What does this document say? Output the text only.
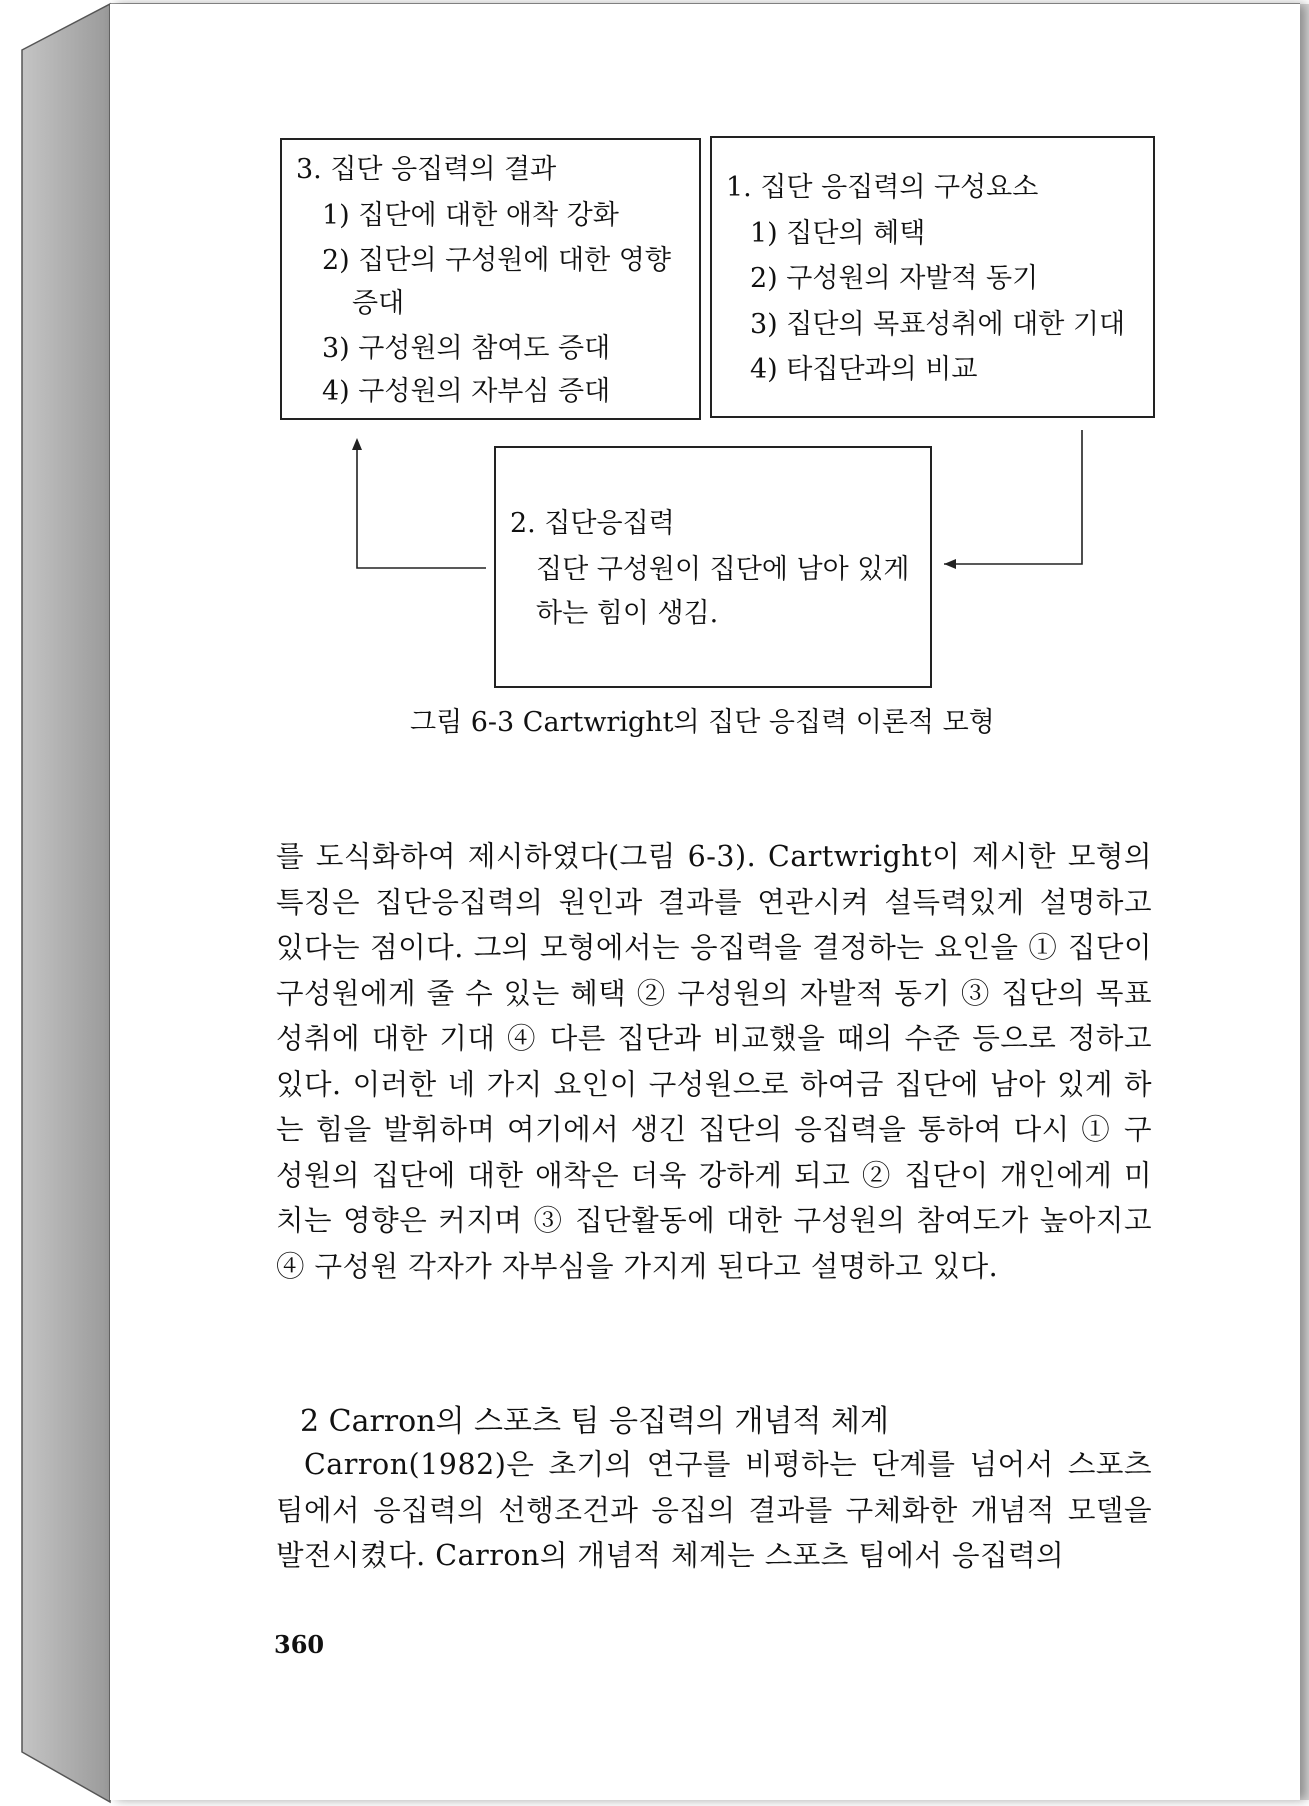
3. 집단 응집력의 결과
1) 집단에 대한 애착 강화
2) 집단의 구성원에 대한 영향
증대
3) 구성원의 참여도 증대
4) 구성원의 자부심 증대
1. 집단 응집력의 구성요소
1) 집단의 혜택
2) 구성원의 자발적 동기
3) 집단의 목표성취에 대한 기대
4) 타집단과의 비교
2. 집단응집력
집단 구성원이 집단에 남아 있게
하는 힘이 생김.
그림 6-3 Cartwright의 집단 응집력 이론적 모형
를 도식화하여 제시하였다(그림 6-3). Cartwright이 제시한 모형의 특징은 집단응집력의 원인과 결과를 연관시켜 설득력있게 설명하고 있다는 점이다. 그의 모형에서는 응집력을 결정하는 요인을 ① 집단이 구성원에게 줄 수 있는 혜택 ② 구성원의 자발적 동기 ③ 집단의 목표성취에 대한 기대 ④ 다른 집단과 비교했을 때의 수준 등으로 정하고 있다. 이러한 네 가지 요인이 구성원으로 하여금 집단에 남아 있게 하는 힘을 발휘하며 여기에서 생긴 집단의 응집력을 통하여 다시 ① 구성원의 집단에 대한 애착은 더욱 강하게 되고 ② 집단이 개인에게 미치는 영향은 커지며 ③ 집단활동에 대한 구성원의 참여도가 높아지고 ④ 구성원 각자가 자부심을 가지게 된다고 설명하고 있다.
2 Carron의 스포츠 팀 응집력의 개념적 체계
Carron(1982)은 초기의 연구를 비평하는 단계를 넘어서 스포츠 팀에서 응집력의 선행조건과 응집의 결과를 구체화한 개념적 모델을 발전시켰다. Carron의 개념적 체계는 스포츠 팀에서 응집력의
360
